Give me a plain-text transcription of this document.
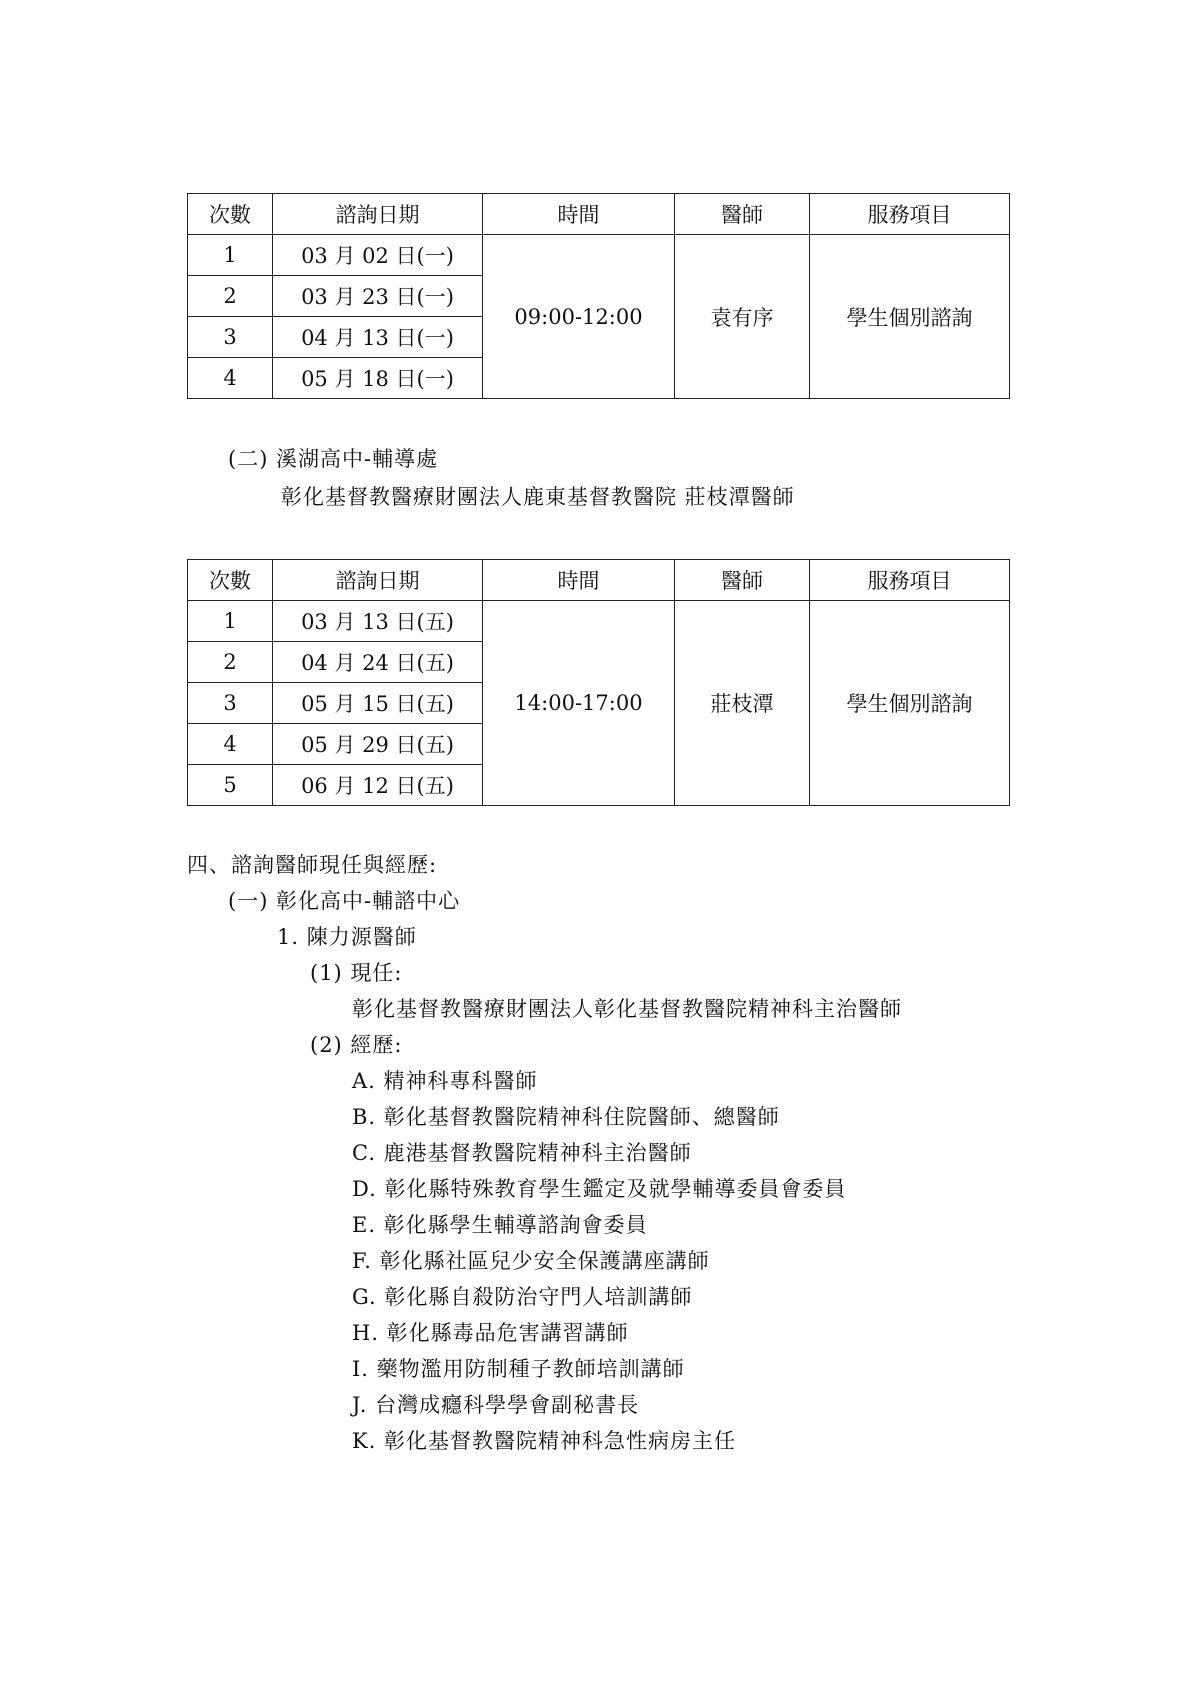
次數	諮詢日期	時間	醫師	服務項目
1	03 月 02 日(一)	09:00-12:00	袁有序	學生個別諮詢
2	03 月 23 日(一)			
3	04 月 13 日(一)			
4	05 月 18 日(一)			
(二) 溪湖高中-輔導處
彰化基督教醫療財團法人鹿東基督教醫院 莊枝潭醫師
次數	諮詢日期	時間	醫師	服務項目
1	03 月 13 日(五)	14:00-17:00	莊枝潭	學生個別諮詢
2	04 月 24 日(五)			
3	05 月 15 日(五)			
4	05 月 29 日(五)			
5	06 月 12 日(五)			
四、諮詢醫師現任與經歷:
(一) 彰化高中-輔諮中心
1. 陳力源醫師
(1) 現任:
彰化基督教醫療財團法人彰化基督教醫院精神科主治醫師
(2) 經歷:
A. 精神科專科醫師
B. 彰化基督教醫院精神科住院醫師、總醫師
C. 鹿港基督教醫院精神科主治醫師
D. 彰化縣特殊教育學生鑑定及就學輔導委員會委員
E. 彰化縣學生輔導諮詢會委員
F. 彰化縣社區兒少安全保護講座講師
G. 彰化縣自殺防治守門人培訓講師
H. 彰化縣毒品危害講習講師
I. 藥物濫用防制種子教師培訓講師
J. 台灣成癮科學學會副秘書長
K. 彰化基督教醫院精神科急性病房主任
